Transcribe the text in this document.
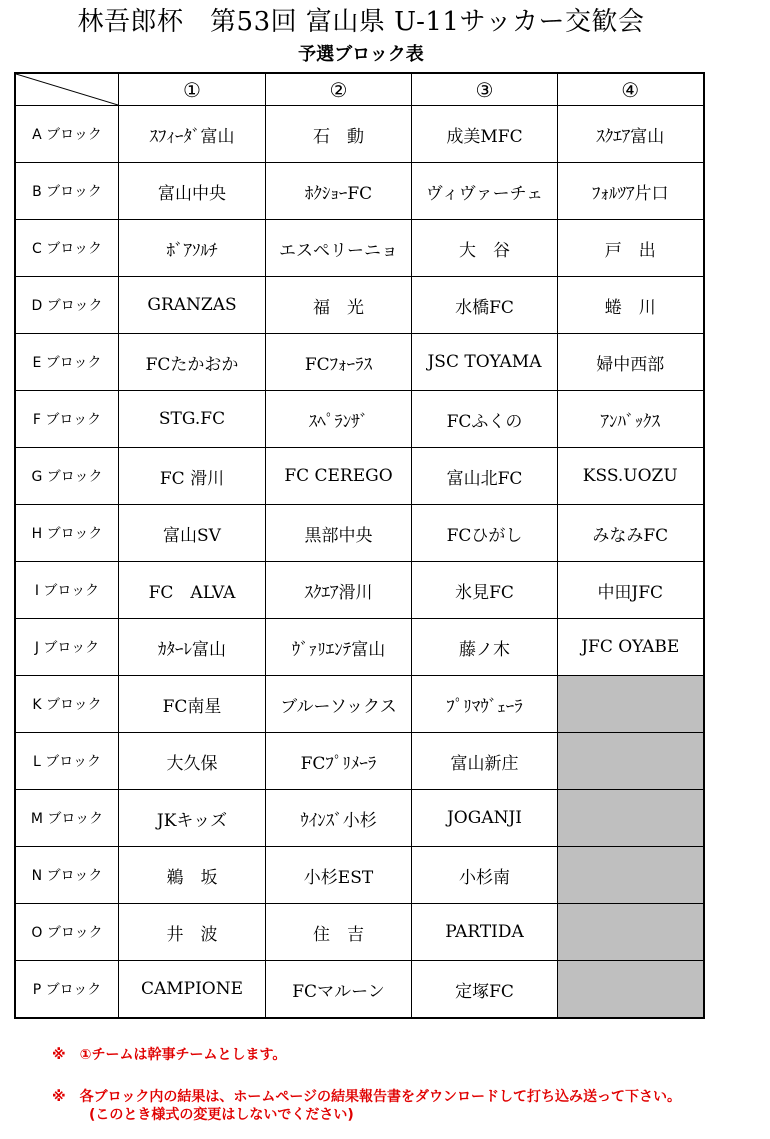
林吾郎杯　第53回 富山県 U-11サッカー交歓会
予選ブロック表
	①	②	③	④
A ブロック	ｽﾌｨｰﾀﾞ富山	石　動	成美MFC	ｽｸｴｱ富山
B ブロック	富山中央	ﾎｸｼｮｰFC	ヴィヴァーチェ	ﾌｫﾙﾂｱ片口
C ブロック	ﾎﾞｱｿﾙﾁ	エスペリーニョ	大　谷	戸　出
D ブロック	GRANZAS	福　光	水橋FC	蜷　川
E ブロック	FCたかおか	FCﾌｫｰﾗｽ	JSC TOYAMA	婦中西部
F ブロック	STG.FC	ｽﾍﾟﾗﾝｻﾞ	FCふくの	ｱﾝﾊﾞｯｸｽ
G ブロック	FC 滑川	FC CEREGO	富山北FC	KSS.UOZU
H ブロック	富山SV	黒部中央	FCひがし	みなみFC
I ブロック	FC　ALVA	ｽｸｴｱ滑川	氷見FC	中田JFC
J ブロック	ｶﾀｰﾚ富山	ｳﾞｧﾘｴﾝﾃ富山	藤ノ木	JFC OYABE
K ブロック	FC南星	ブルーソックス	ﾌﾟﾘﾏｳﾞｪｰﾗ	
L ブロック	大久保	FCﾌﾟﾘﾒｰﾗ	富山新庄	
M ブロック	JKキッズ	ｳｲﾝｽﾞ小杉	JOGANJI	
N ブロック	鵜　坂	小杉EST	小杉南	
O ブロック	井　波	住　吉	PARTIDA	
P ブロック	CAMPIONE	FCマルーン	定塚FC	
※　①チームは幹事チームとします。
※　各ブロック内の結果は、ホームページの結果報告書をダウンロードして打ち込み送って下さい。
(このとき様式の変更はしないでください)
